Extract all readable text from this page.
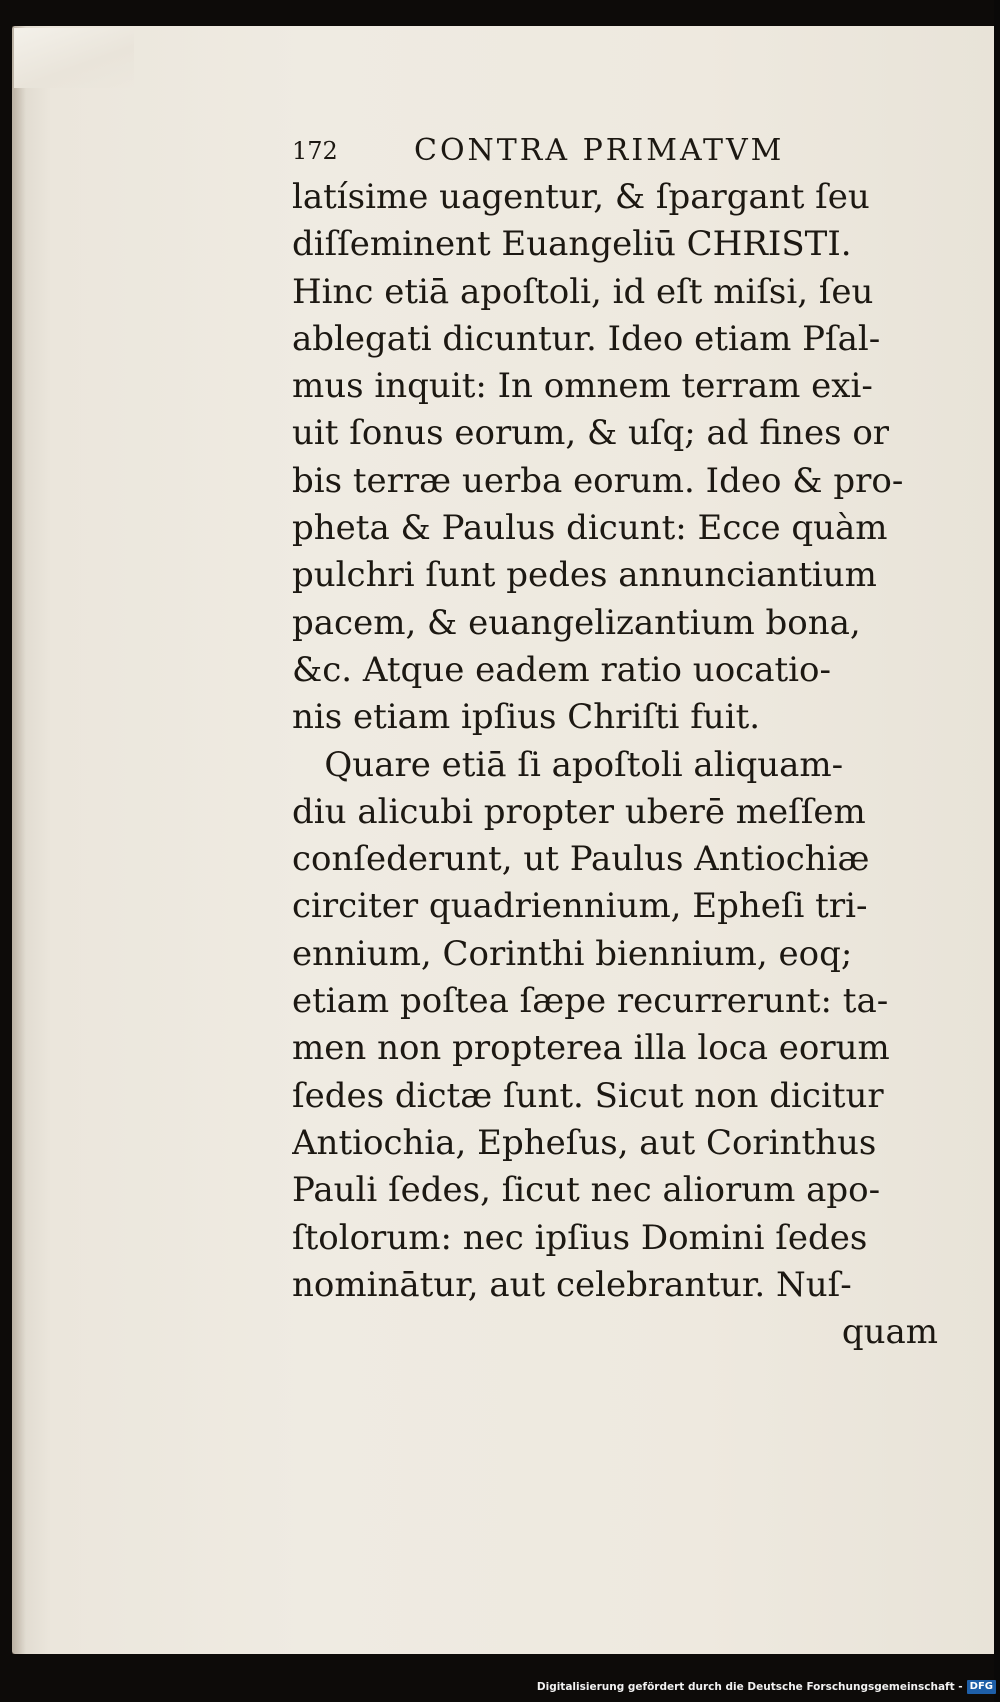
172	CONTRA PRIMATVM
latísime uagentur, & ſpargant ſeu
diſſeminent Euangeliū CHRISTI.
Hinc etiā apoſtoli, id eſt miſsi, ſeu
ablegati dicuntur. Ideo etiam Pſal-
mus inquit: In omnem terram exi-
uit ſonus eorum, & uſq; ad fines or
bis terræ uerba eorum. Ideo & pro-
pheta & Paulus dicunt: Ecce quàm
pulchri ſunt pedes annunciantium
pacem, & euangelizantium bona,
&c. Atque eadem ratio uocatio-
nis etiam ipſius Chriſti fuit.
Quare etiā ſi apoſtoli aliquam-
diu alicubi propter uberē meſſem
conſederunt, ut Paulus Antiochiæ
circiter quadriennium, Epheſi tri-
ennium, Corinthi biennium, eoq;
etiam poſtea ſæpe recurrerunt: ta-
men non propterea illa loca eorum
ſedes dictæ ſunt. Sicut non dicitur
Antiochia, Epheſus, aut Corinthus
Pauli ſedes, ſicut nec aliorum apo-
ſtolorum: nec ipſius Domini ſedes
nominātur, aut celebrantur. Nuſ-
quam
Digitalisierung gefördert durch die Deutsche Forschungsgemeinschaft - DFG
